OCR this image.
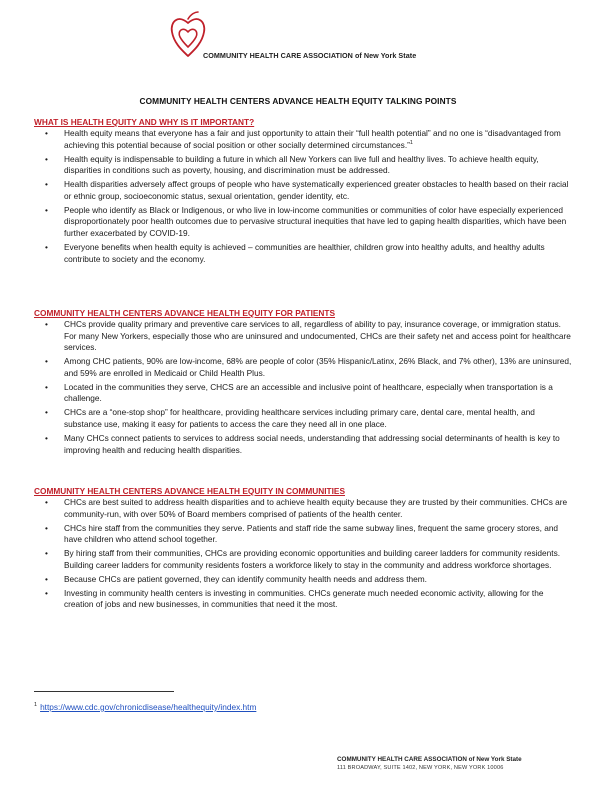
COMMUNITY HEALTH CARE ASSOCIATION of New York State
COMMUNITY HEALTH CENTERS ADVANCE HEALTH EQUITY TALKING POINTS
WHAT IS HEALTH EQUITY AND WHY IS IT IMPORTANT?
• Health equity means that everyone has a fair and just opportunity to attain their “full health potential” and no one is “disadvantaged from achieving this potential because of social position or other socially determined circumstances.”$^1$
• Health equity is indispensable to building a future in which all New Yorkers can live full and healthy lives. To achieve health equity, disparities in conditions such as poverty, housing, and discrimination must be addressed.
• Health disparities adversely affect groups of people who have systematically experienced greater obstacles to health based on their racial or ethnic group, socioeconomic status, sexual orientation, gender identity, etc.
• People who identify as Black or Indigenous, or who live in low-income communities or communities of color have especially experienced disproportionately poor health outcomes due to pervasive structural inequities that have led to gaping health disparities, which have been further exacerbated by COVID-19.
• Everyone benefits when health equity is achieved – communities are healthier, children grow into healthy adults, and healthy adults contribute to society and the economy.
COMMUNITY HEALTH CENTERS ADVANCE HEALTH EQUITY FOR PATIENTS
• CHCs provide quality primary and preventive care services to all, regardless of ability to pay, insurance coverage, or immigration status. For many New Yorkers, especially those who are uninsured and undocumented, CHCs are their safety net and access point for healthcare services.
• Among CHC patients, 90% are low-income, 68% are people of color (35% Hispanic/Latinx, 26% Black, and 7% other), 13% are uninsured, and 59% are enrolled in Medicaid or Child Health Plus.
• Located in the communities they serve, CHCS are an accessible and inclusive point of healthcare, especially when transportation is a challenge.
• CHCs are a “one-stop shop” for healthcare, providing healthcare services including primary care, dental care, mental health, and substance use, making it easy for patients to access the care they need all in one place.
• Many CHCs connect patients to services to address social needs, understanding that addressing social determinants of health is key to improving health and reducing health disparities.
COMMUNITY HEALTH CENTERS ADVANCE HEALTH EQUITY IN COMMUNITIES
• CHCs are best suited to address health disparities and to achieve health equity because they are trusted by their communities. CHCs are community-run, with over 50% of Board members comprised of patients of the health center.
• CHCs hire staff from the communities they serve. Patients and staff ride the same subway lines, frequent the same grocery stores, and have children who attend school together.
• By hiring staff from their communities, CHCs are providing economic opportunities and building career ladders for community residents. Building career ladders for community residents fosters a workforce likely to stay in the community and address workforce shortages.
• Because CHCs are patient governed, they can identify community health needs and address them.
• Investing in community health centers is investing in communities. CHCs generate much needed economic activity, allowing for the creation of jobs and new businesses, in communities that need it the most.
$^1$ https://www.cdc.gov/chronicdisease/healthequity/index.htm
COMMUNITY HEALTH CARE ASSOCIATION of New York State
111 BROADWAY, SUITE 1402, NEW YORK, NEW YORK 10006
